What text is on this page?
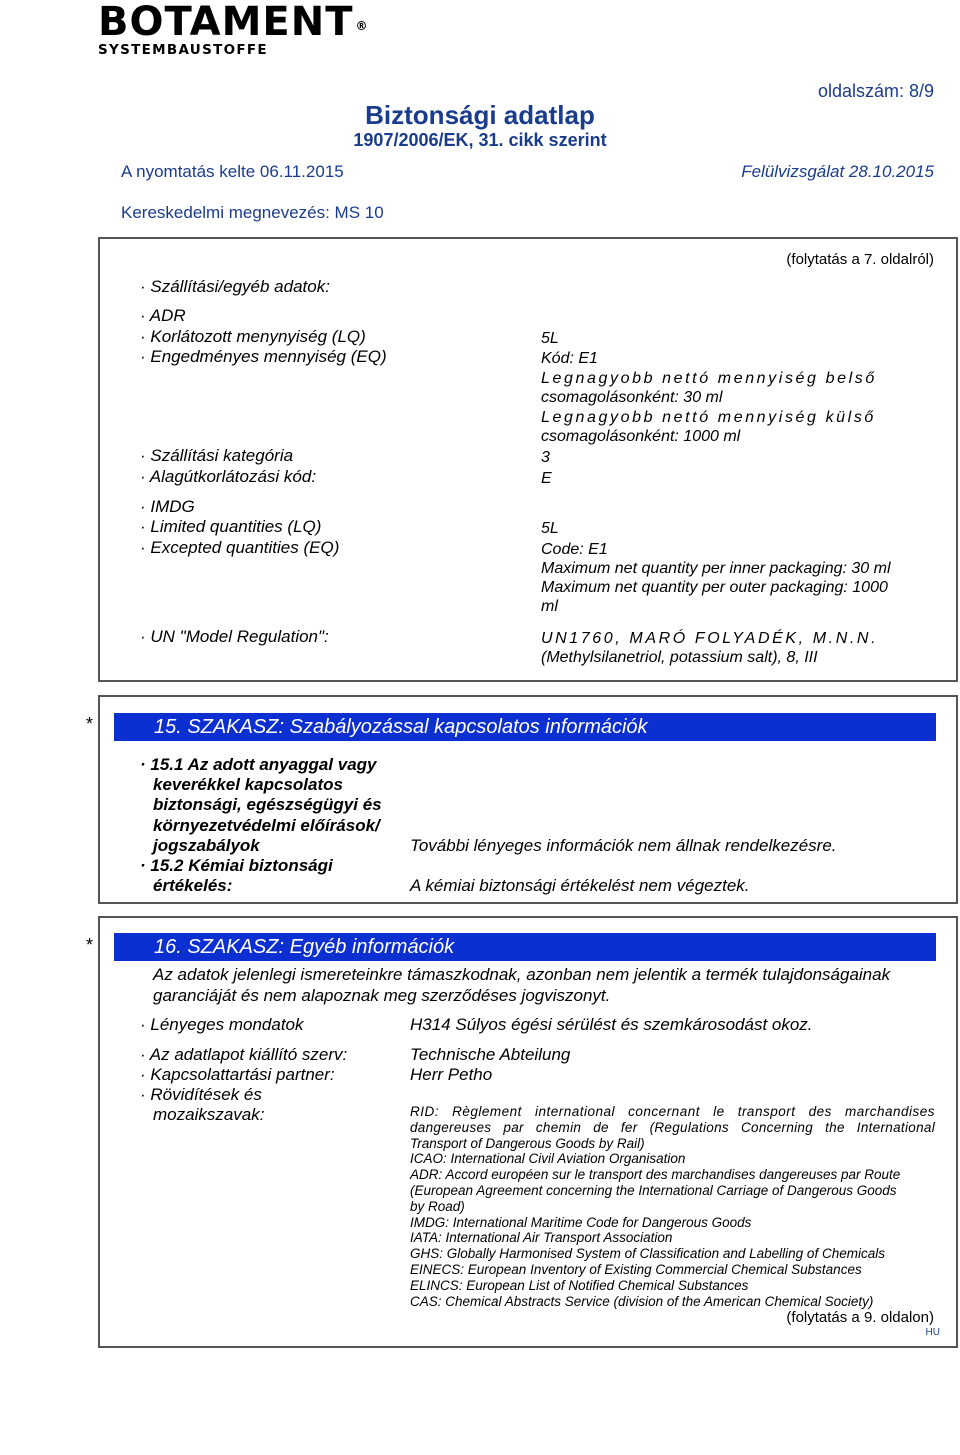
BOTAMENT ®
SYSTEMBAUSTOFFE
oldalszám: 8/9
Biztonsági adatlap
1907/2006/EK, 31. cikk szerint
A nyomtatás kelte 06.11.2015	Felülvizsgálat 28.10.2015
Kereskedelmi megnevezés: MS 10
(folytatás a 7. oldalról)
· Szállítási/egyéb adatok:
· ADR
· Korlátozott menynyiség (LQ)	5L
· Engedményes mennyiség (EQ)	Kód: E1
Legnagyobb nettó mennyiség belső
csomagolásonként: 30 ml
Legnagyobb nettó mennyiség külső
csomagolásonként: 1000 ml
· Szállítási kategória	3
· Alagútkorlátozási kód:	E
· IMDG
· Limited quantities (LQ)	5L
· Excepted quantities (EQ)	Code: E1
Maximum net quantity per inner packaging: 30 ml
Maximum net quantity per outer packaging: 1000
ml
· UN "Model Regulation":	UN1760, MARÓ FOLYADÉK, M.N.N.
(Methylsilanetriol, potassium salt), 8, III
*	15. SZAKASZ: Szabályozással kapcsolatos információk
· 15.1 Az adott anyaggal vagy
keverékkel kapcsolatos
biztonsági, egészségügyi és
környezetvédelmi előírások/
jogszabályok	További lényeges információk nem állnak rendelkezésre.
· 15.2 Kémiai biztonsági
értékelés:	A kémiai biztonsági értékelést nem végeztek.
*	16. SZAKASZ: Egyéb információk
Az adatok jelenlegi ismereteinkre támaszkodnak, azonban nem jelentik a termék tulajdonságainak
garanciáját és nem alapoznak meg szerződéses jogviszonyt.
· Lényeges mondatok	H314 Súlyos égési sérülést és szemkárosodást okoz.
· Az adatlapot kiállító szerv:	Technische Abteilung
· Kapcsolattartási partner:	Herr Petho
· Rövidítések és
mozaikszavak:	RID: Règlement international concernant le transport des marchandises
dangereuses par chemin de fer (Regulations Concerning the International
Transport of Dangerous Goods by Rail)
ICAO: International Civil Aviation Organisation
ADR: Accord européen sur le transport des marchandises dangereuses par Route
(European Agreement concerning the International Carriage of Dangerous Goods
by Road)
IMDG: International Maritime Code for Dangerous Goods
IATA: International Air Transport Association
GHS: Globally Harmonised System of Classification and Labelling of Chemicals
EINECS: European Inventory of Existing Commercial Chemical Substances
ELINCS: European List of Notified Chemical Substances
CAS: Chemical Abstracts Service (division of the American Chemical Society)
(folytatás a 9. oldalon)
HU
